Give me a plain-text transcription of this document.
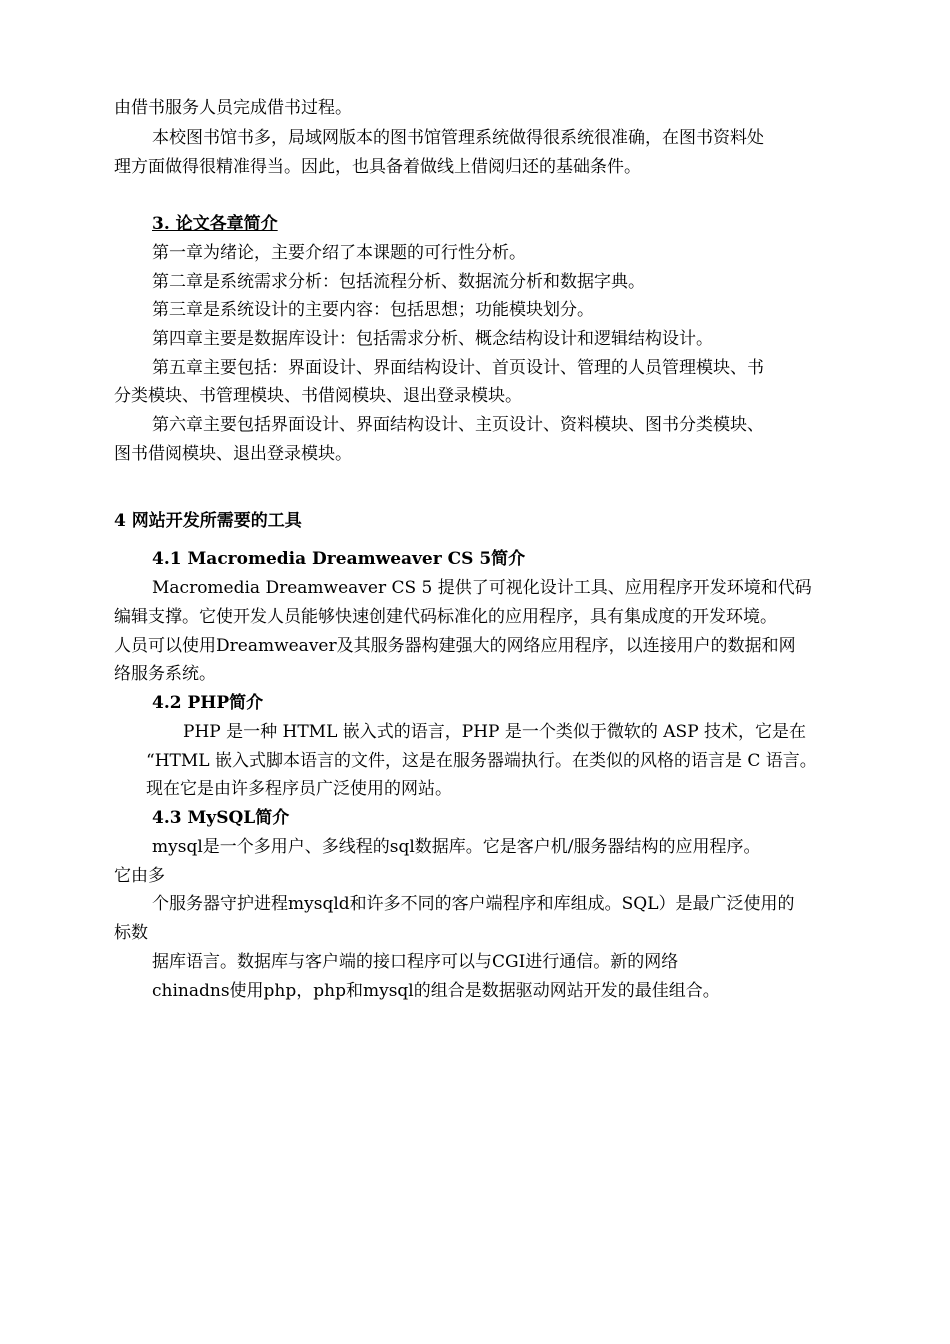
由借书服务人员完成借书过程。

本校图书馆书多，局域网版本的图书馆管理系统做得很系统很准确，在图书资料处

理方面做得很精准得当。因此，也具备着做线上借阅归还的基础条件。

3. 论文各章简介

第一章为绪论，主要介绍了本课题的可行性分析。

第二章是系统需求分析：包括流程分析、数据流分析和数据字典。

第三章是系统设计的主要内容：包括思想；功能模块划分。

第四章主要是数据库设计：包括需求分析、概念结构设计和逻辑结构设计。

第五章主要包括：界面设计、界面结构设计、首页设计、管理的人员管理模块、书

分类模块、书管理模块、书借阅模块、退出登录模块。

第六章主要包括界面设计、界面结构设计、主页设计、资料模块、图书分类模块、

图书借阅模块、退出登录模块。

4 网站开发所需要的工具

4.1 Macromedia Dreamweaver CS 5简介

Macromedia Dreamweaver CS 5 提供了可视化设计工具、应用程序开发环境和代码

编辑支撑。它使开发人员能够快速创建代码标准化的应用程序，具有集成度的开发环境。

人员可以使用Dreamweaver及其服务器构建强大的网络应用程序，以连接用户的数据和网

络服务系统。

4.2 PHP简介

PHP 是一种 HTML 嵌入式的语言，PHP 是一个类似于微软的 ASP 技术，它是在

“HTML 嵌入式脚本语言的文件，这是在服务器端执行。在类似的风格的语言是 C 语言。

现在它是由许多程序员广泛使用的网站。

4.3 MySQL简介

mysql是一个多用户、多线程的sql数据库。它是客户机/服务器结构的应用程序。

它由多

个服务器守护进程mysqld和许多不同的客户端程序和库组成。SQL）是最广泛使用的

标数

据库语言。数据库与客户端的接口程序可以与CGI进行通信。新的网络

chinadns使用php，php和mysql的组合是数据驱动网站开发的最佳组合。
